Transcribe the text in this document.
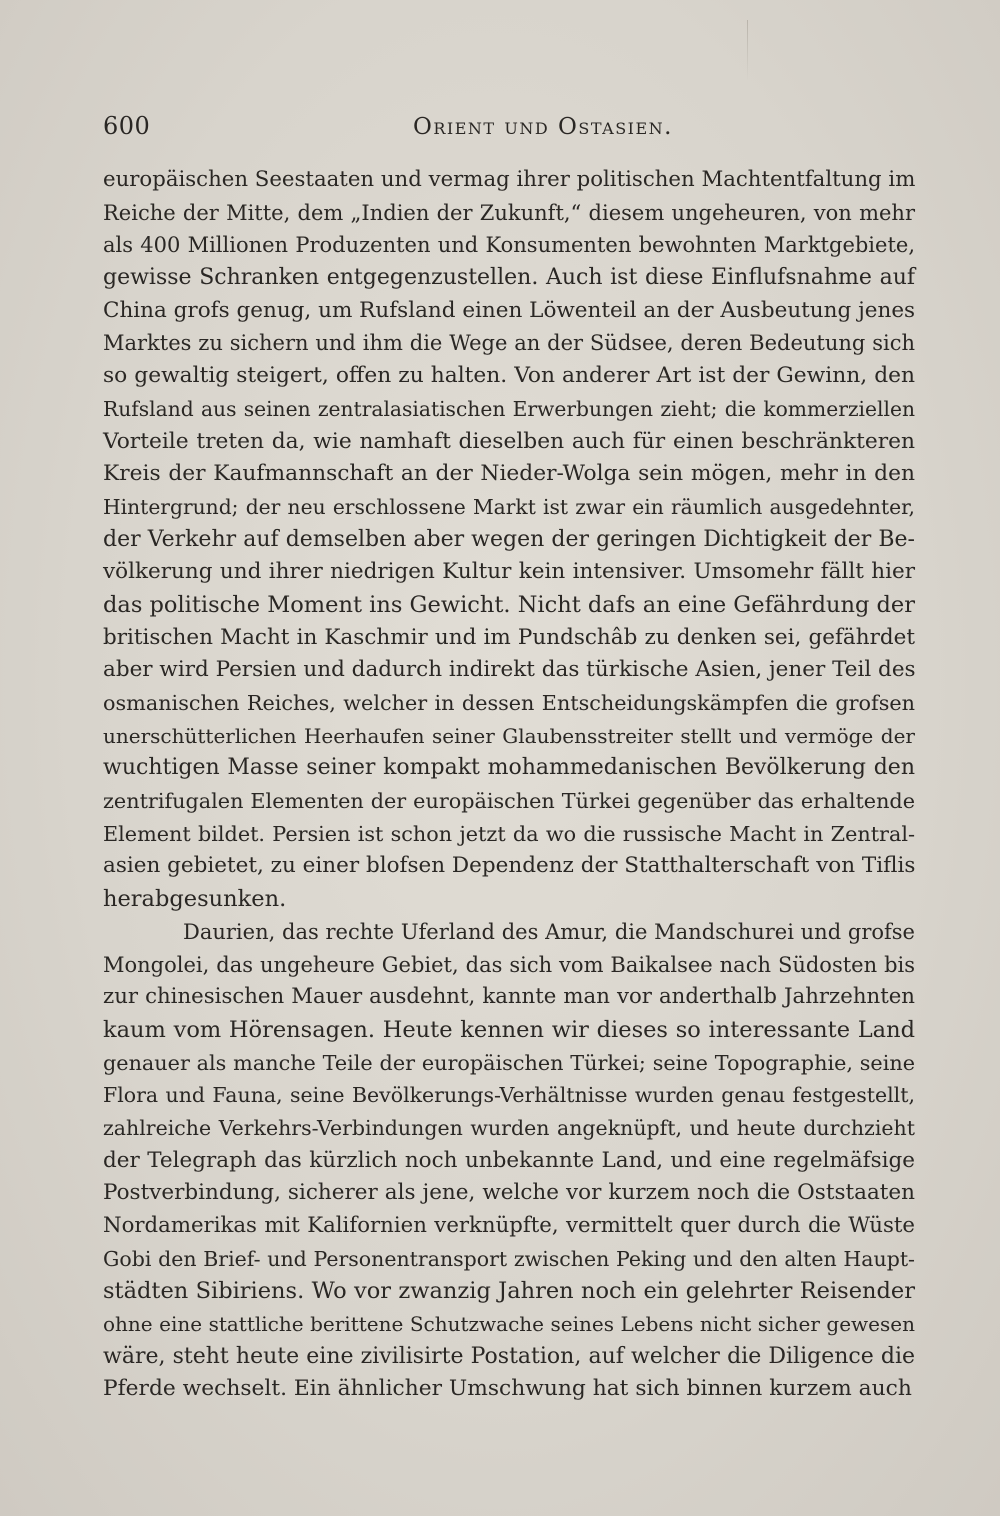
600	Orient und Ostasien.
europäischen Seestaaten und vermag ihrer politischen Machtentfaltung im
Reiche der Mitte, dem „Indien der Zukunft,“ diesem ungeheuren, von mehr
als 400 Millionen Produzenten und Konsumenten bewohnten Marktgebiete,
gewisse Schranken entgegenzustellen. Auch ist diese Einflufsnahme auf
China grofs genug, um Rufsland einen Löwenteil an der Ausbeutung jenes
Marktes zu sichern und ihm die Wege an der Südsee, deren Bedeutung sich
so gewaltig steigert, offen zu halten. Von anderer Art ist der Gewinn, den
Rufsland aus seinen zentralasiatischen Erwerbungen zieht; die kommerziellen
Vorteile treten da, wie namhaft dieselben auch für einen beschränkteren
Kreis der Kaufmannschaft an der Nieder-Wolga sein mögen, mehr in den
Hintergrund; der neu erschlossene Markt ist zwar ein räumlich ausgedehnter,
der Verkehr auf demselben aber wegen der geringen Dichtigkeit der Be-
völkerung und ihrer niedrigen Kultur kein intensiver. Umsomehr fällt hier
das politische Moment ins Gewicht. Nicht dafs an eine Gefährdung der
britischen Macht in Kaschmir und im Pundschâb zu denken sei, gefährdet
aber wird Persien und dadurch indirekt das türkische Asien, jener Teil des
osmanischen Reiches, welcher in dessen Entscheidungskämpfen die grofsen
unerschütterlichen Heerhaufen seiner Glaubensstreiter stellt und vermöge der
wuchtigen Masse seiner kompakt mohammedanischen Bevölkerung den
zentrifugalen Elementen der europäischen Türkei gegenüber das erhaltende
Element bildet. Persien ist schon jetzt da wo die russische Macht in Zentral-
asien gebietet, zu einer blofsen Dependenz der Statthalterschaft von Tiflis
herabgesunken.
Daurien, das rechte Uferland des Amur, die Mandschurei und grofse
Mongolei, das ungeheure Gebiet, das sich vom Baikalsee nach Südosten bis
zur chinesischen Mauer ausdehnt, kannte man vor anderthalb Jahrzehnten
kaum vom Hörensagen. Heute kennen wir dieses so interessante Land
genauer als manche Teile der europäischen Türkei; seine Topographie, seine
Flora und Fauna, seine Bevölkerungs-Verhältnisse wurden genau festgestellt,
zahlreiche Verkehrs-Verbindungen wurden angeknüpft, und heute durchzieht
der Telegraph das kürzlich noch unbekannte Land, und eine regelmäfsige
Postverbindung, sicherer als jene, welche vor kurzem noch die Oststaaten
Nordamerikas mit Kalifornien verknüpfte, vermittelt quer durch die Wüste
Gobi den Brief- und Personentransport zwischen Peking und den alten Haupt-
städten Sibiriens. Wo vor zwanzig Jahren noch ein gelehrter Reisender
ohne eine stattliche berittene Schutzwache seines Lebens nicht sicher gewesen
wäre, steht heute eine zivilisirte Postation, auf welcher die Diligence die
Pferde wechselt. Ein ähnlicher Umschwung hat sich binnen kurzem auch
